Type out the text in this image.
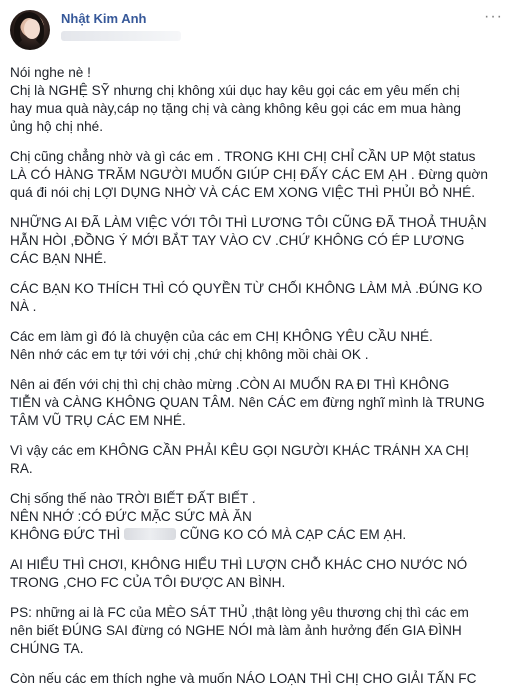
Nhật Kim Anh	···
Nói nghe nè !
Chị là NGHỆ SỸ nhưng chị không xúi dục hay kêu gọi các em yêu mến chị
hay mua quà này,cáp nọ tặng chị và càng không kêu gọi các em mua hàng
ủng hộ chị nhé.
Chị cũng chẳng nhờ và gì các em . TRONG KHI CHỊ CHỈ CẦN UP Một status
LÀ CÓ HÀNG TRĂM NGƯỜI MUỐN GIÚP CHỊ ĐẤY CÁC EM ẠH . Đừng quờn
quá đi nói chị LỢI DỤNG NHỜ VÀ CÁC EM XONG VIỆC THÌ PHỦI BỎ NHÉ.
NHỮNG AI ĐÃ LÀM VIỆC VỚI TÔI THÌ LƯƠNG TÔI CŨNG ĐÃ THOẢ THUẬN
HẪN HÒI ,ĐỒNG Ý MỚI BẮT TAY VÀO CV .CHỨ KHÔNG CÓ ÉP LƯƠNG
CÁC BẠN NHÉ.
CÁC BẠN KO THÍCH THÌ CÓ QUYỀN TỪ CHỐI KHÔNG LÀM MÀ .ĐÚNG KO
NÀ .
Các em làm gì đó là chuyện của các em CHỊ KHÔNG YÊU CẦU NHÉ.
Nên nhớ các em tự tới với chị ,chứ chị không mồi chài OK .
Nên ai đến với chị thì chị chào mừng .CÒN AI MUỐN RA ĐI THÌ KHÔNG
TIỄN và CÀNG KHÔNG QUAN TÂM. Nên CÁC em đừng nghĩ mình là TRUNG
TÂM VŨ TRỤ CÁC EM NHÉ.
Vì vậy các em KHÔNG CẦN PHẢI KÊU GỌI NGƯỜI KHÁC TRÁNH XA CHỊ
RA.
Chị sống thế nào TRỜI BIẾT ĐẤT BIẾT .
NÊN NHỚ :CÓ ĐỨC MẶC SỨC MÀ ĂN
KHÔNG ĐỨC THÌ	CŨNG KO CÓ MÀ CẠP CÁC EM ẠH.
AI HIỂU THÌ CHƠI, KHÔNG HIỂU THÌ LƯỢN CHỖ KHÁC CHO NƯỚC NÓ
TRONG ,CHO FC CỦA TÔI ĐƯỢC AN BÌNH.
PS: những ai là FC của MÈO SÁT THỦ ,thật lòng yêu thương chị thì các em
nên biết ĐÚNG SAI đừng có NGHE NÓI mà làm ảnh hưởng đến GIA ĐÌNH
CHÚNG TA.
Còn nếu các em thích nghe và muốn NÁO LOẠN THÌ CHỊ CHO GIẢI TẤN FC
